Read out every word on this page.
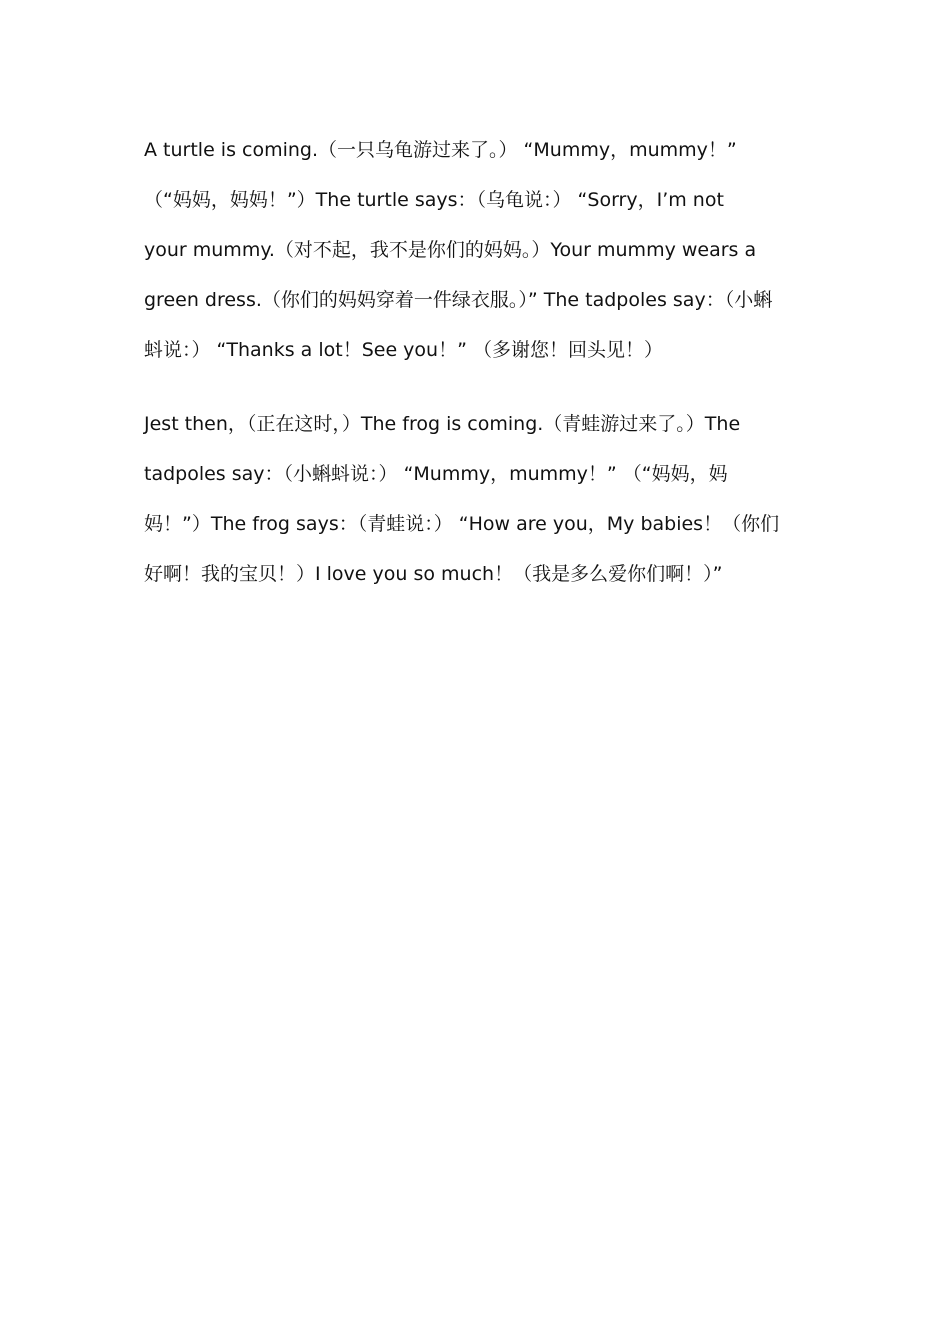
A turtle is coming.（一只乌龟游过来了。） “Mummy，mummy！”
（“妈妈，妈妈！”）The turtle says：（乌龟说：） “Sorry，I’m not
your mummy.（对不起，我不是你们的妈妈。）Your mummy wears a
green dress.（你们的妈妈穿着一件绿衣服。）” The tadpoles say：（小蝌
蚪说：） “Thanks a lot！See you！” （多谢您！回头见！）
Jest then，（正在这时，）The frog is coming.（青蛙游过来了。）The
tadpoles say：（小蝌蚪说：） “Mummy，mummy！” （“妈妈，妈
妈！”）The frog says：（青蛙说：） “How are you，My babies！（你们
好啊！我的宝贝！）I love you so much！（我是多么爱你们啊！）”
